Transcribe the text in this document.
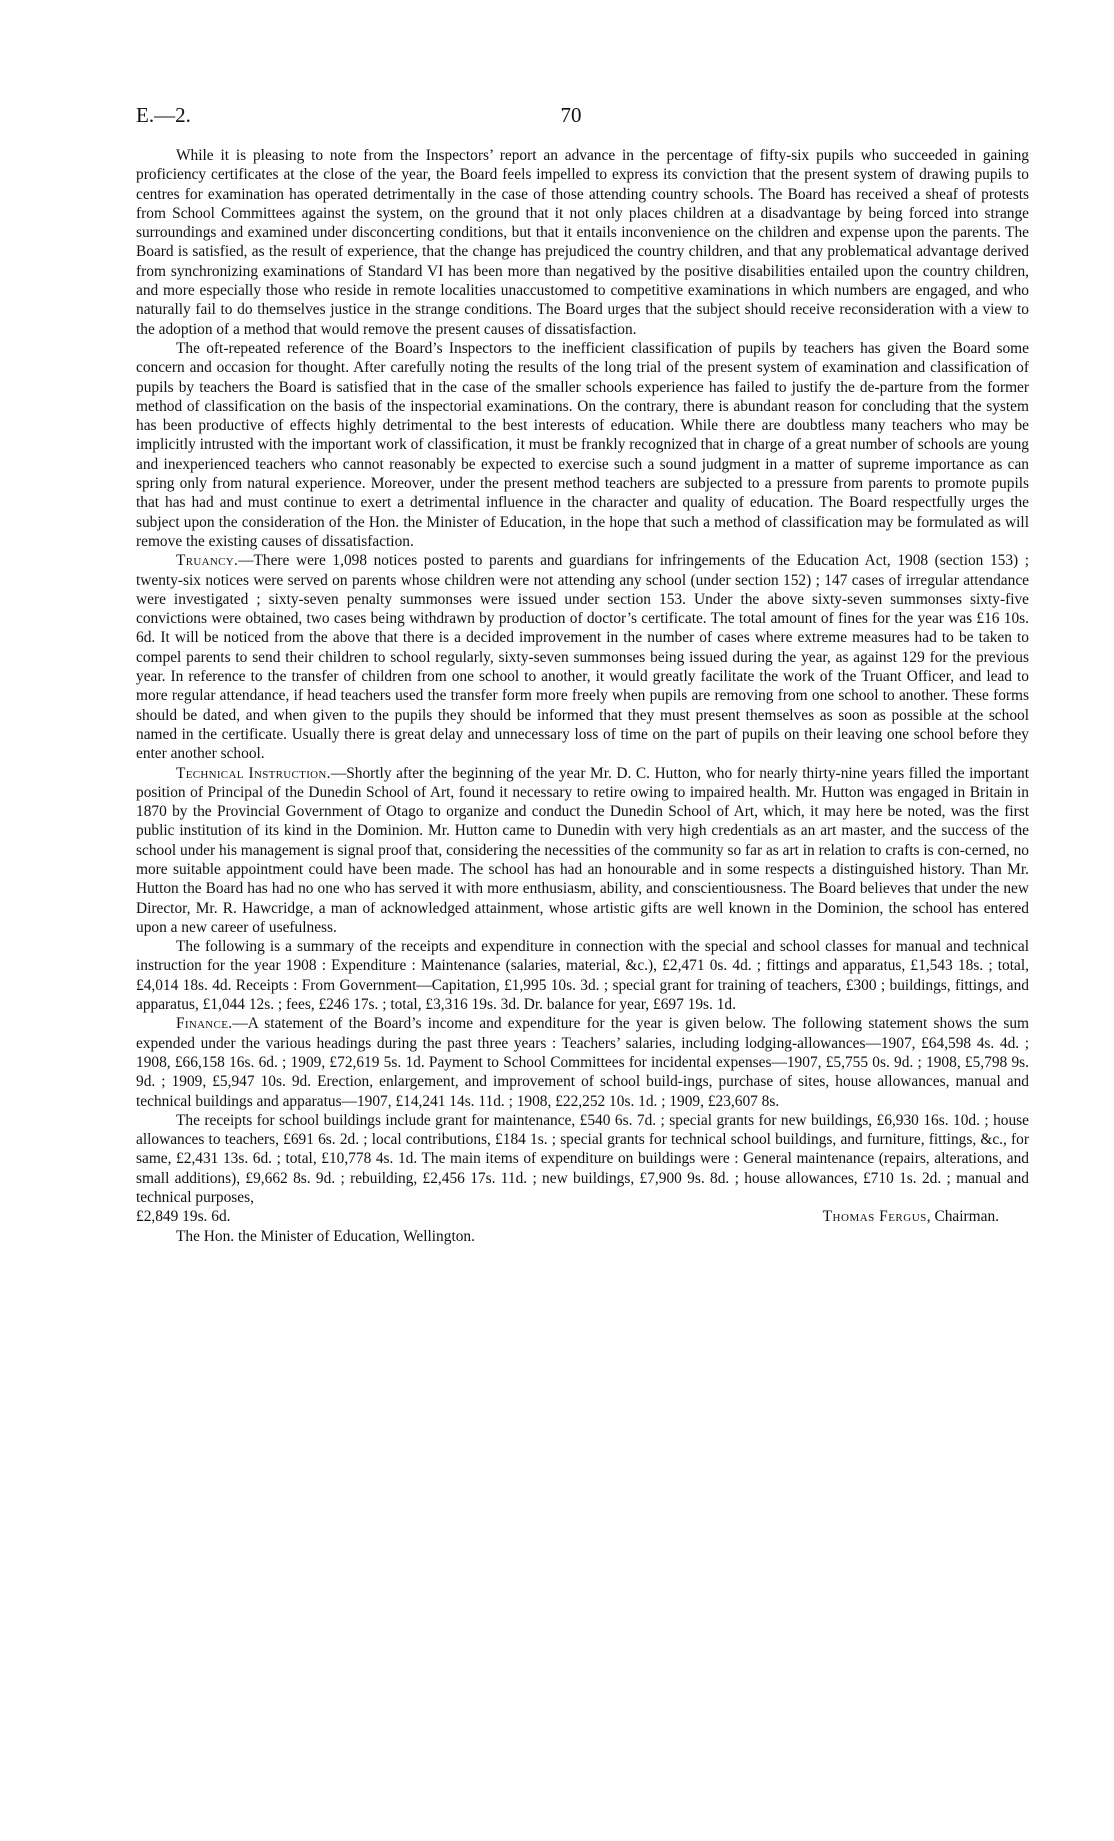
E.—2.	70

While it is pleasing to note from the Inspectors’ report an advance in the percentage of fifty-six pupils who succeeded in gaining proficiency certificates at the close of the year, the Board feels impelled to express its conviction that the present system of drawing pupils to centres for examination has operated detrimentally in the case of those attending country schools. The Board has received a sheaf of protests from School Committees against the system, on the ground that it not only places children at a disadvantage by being forced into strange surroundings and examined under disconcerting conditions, but that it entails inconvenience on the children and expense upon the parents. The Board is satisfied, as the result of experience, that the change has prejudiced the country children, and that any problematical advantage derived from synchronizing examinations of Standard VI has been more than negatived by the positive disabilities entailed upon the country children, and more especially those who reside in remote localities unaccustomed to competitive examinations in which numbers are engaged, and who naturally fail to do themselves justice in the strange conditions. The Board urges that the subject should receive reconsideration with a view to the adoption of a method that would remove the present causes of dissatisfaction.

The oft-repeated reference of the Board’s Inspectors to the inefficient classification of pupils by teachers has given the Board some concern and occasion for thought. After carefully noting the results of the long trial of the present system of examination and classification of pupils by teachers the Board is satisfied that in the case of the smaller schools experience has failed to justify the de-parture from the former method of classification on the basis of the inspectorial examinations. On the contrary, there is abundant reason for concluding that the system has been productive of effects highly detrimental to the best interests of education. While there are doubtless many teachers who may be implicitly intrusted with the important work of classification, it must be frankly recognized that in charge of a great number of schools are young and inexperienced teachers who cannot reasonably be expected to exercise such a sound judgment in a matter of supreme importance as can spring only from natural experience. Moreover, under the present method teachers are subjected to a pressure from parents to promote pupils that has had and must continue to exert a detrimental influence in the character and quality of education. The Board respectfully urges the subject upon the consideration of the Hon. the Minister of Education, in the hope that such a method of classification may be formulated as will remove the existing causes of dissatisfaction.

Truancy.—There were 1,098 notices posted to parents and guardians for infringements of the Education Act, 1908 (section 153) ; twenty-six notices were served on parents whose children were not attending any school (under section 152) ; 147 cases of irregular attendance were investigated ; sixty-seven penalty summonses were issued under section 153. Under the above sixty-seven summonses sixty-five convictions were obtained, two cases being withdrawn by production of doctor’s certificate. The total amount of fines for the year was £16 10s. 6d. It will be noticed from the above that there is a decided improvement in the number of cases where extreme measures had to be taken to compel parents to send their children to school regularly, sixty-seven summonses being issued during the year, as against 129 for the previous year. In reference to the transfer of children from one school to another, it would greatly facilitate the work of the Truant Officer, and lead to more regular attendance, if head teachers used the transfer form more freely when pupils are removing from one school to another. These forms should be dated, and when given to the pupils they should be informed that they must present themselves as soon as possible at the school named in the certificate. Usually there is great delay and unnecessary loss of time on the part of pupils on their leaving one school before they enter another school.

Technical Instruction.—Shortly after the beginning of the year Mr. D. C. Hutton, who for nearly thirty-nine years filled the important position of Principal of the Dunedin School of Art, found it necessary to retire owing to impaired health. Mr. Hutton was engaged in Britain in 1870 by the Provincial Government of Otago to organize and conduct the Dunedin School of Art, which, it may here be noted, was the first public institution of its kind in the Dominion. Mr. Hutton came to Dunedin with very high credentials as an art master, and the success of the school under his management is signal proof that, considering the necessities of the community so far as art in relation to crafts is con-cerned, no more suitable appointment could have been made. The school has had an honourable and in some respects a distinguished history. Than Mr. Hutton the Board has had no one who has served it with more enthusiasm, ability, and conscientiousness. The Board believes that under the new Director, Mr. R. Hawcridge, a man of acknowledged attainment, whose artistic gifts are well known in the Dominion, the school has entered upon a new career of usefulness.

The following is a summary of the receipts and expenditure in connection with the special and school classes for manual and technical instruction for the year 1908 : Expenditure : Maintenance (salaries, material, &c.), £2,471 0s. 4d. ; fittings and apparatus, £1,543 18s. ; total, £4,014 18s. 4d. Receipts : From Government—Capitation, £1,995 10s. 3d. ; special grant for training of teachers, £300 ; buildings, fittings, and apparatus, £1,044 12s. ; fees, £246 17s. ; total, £3,316 19s. 3d. Dr. balance for year, £697 19s. 1d.

Finance.—A statement of the Board’s income and expenditure for the year is given below. The following statement shows the sum expended under the various headings during the past three years : Teachers’ salaries, including lodging-allowances—1907, £64,598 4s. 4d. ; 1908, £66,158 16s. 6d. ; 1909, £72,619 5s. 1d. Payment to School Committees for incidental expenses—1907, £5,755 0s. 9d. ; 1908, £5,798 9s. 9d. ; 1909, £5,947 10s. 9d. Erection, enlargement, and improvement of school build-ings, purchase of sites, house allowances, manual and technical buildings and apparatus—1907, £14,241 14s. 11d. ; 1908, £22,252 10s. 1d. ; 1909, £23,607 8s.

The receipts for school buildings include grant for maintenance, £540 6s. 7d. ; special grants for new buildings, £6,930 16s. 10d. ; house allowances to teachers, £691 6s. 2d. ; local contributions, £184 1s. ; special grants for technical school buildings, and furniture, fittings, &c., for same, £2,431 13s. 6d. ; total, £10,778 4s. 1d. The main items of expenditure on buildings were : General maintenance (repairs, alterations, and small additions), £9,662 8s. 9d. ; rebuilding, £2,456 17s. 11d. ; new buildings, £7,900 9s. 8d. ; house allowances, £710 1s. 2d. ; manual and technical purposes,

£2,849 19s. 6d.	Thomas Fergus, Chairman.

The Hon. the Minister of Education, Wellington.
